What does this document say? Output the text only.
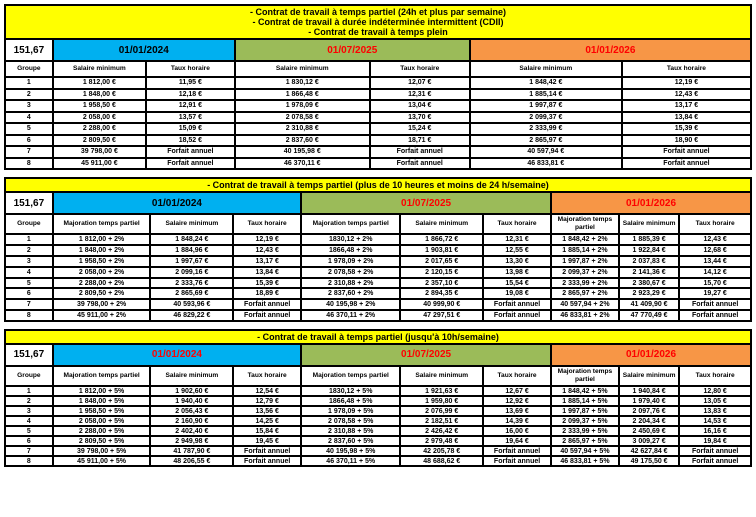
- Contrat de travail à temps partiel (24h et plus par semaine)
- Contrat de travail à durée indéterminée intermittent (CDII)
- Contrat de travail à temps plein						

151,67	01/01/2024		01/07/2025		01/01/2026	
Groupe	Salaire minimum	Taux horaire	Salaire minimum	Taux horaire	Salaire minimum	Taux horaire
1	1 812,00 €	11,95 €	1 830,12 €	12,07 €	1 848,42 €	12,19 €
2	1 848,00 €	12,18 €	1 866,48 €	12,31 €	1 885,14 €	12,43 €
3	1 958,50 €	12,91 €	1 978,09 €	13,04 €	1 997,87 €	13,17 €
4	2 058,00 €	13,57 €	2 078,58 €	13,70 €	2 099,37 €	13,84 €
5	2 288,00 €	15,09 €	2 310,88 €	15,24 €	2 333,99 €	15,39 €
6	2 809,50 €	18,52 €	2 837,60 €	18,71 €	2 865,97 €	18,90 €
7	39 798,00 €	Forfait annuel	40 195,98 €	Forfait annuel	40 597,94 €	Forfait annuel
8	45 911,00 €	Forfait annuel	46 370,11 €	Forfait annuel	46 833,81 €	Forfait annuel
- Contrat de travail à temps partiel (plus de 10 heures et moins de 24 h/semaine)									

151,67	01/01/2024			01/07/2025			01/01/2026		
Groupe	Majoration temps partiel	Salaire minimum	Taux horaire	Majoration temps partiel	Salaire minimum	Taux horaire	Majoration temps partiel	Salaire minimum	Taux horaire
1	1 812,00 + 2%	1 848,24 €	12,19 €	1830,12 + 2%	1 866,72 €	12,31 €	1 848,42 + 2%	1 885,39 €	12,43 €
2	1 848,00 + 2%	1 884,96 €	12,43 €	1866,48 + 2%	1 903,81 €	12,55 €	1 885,14 + 2%	1 922,84 €	12,68 €
3	1 958,50 + 2%	1 997,67 €	13,17 €	1 978,09 + 2%	2 017,65 €	13,30 €	1 997,87 + 2%	2 037,83 €	13,44 €
4	2 058,00 + 2%	2 099,16 €	13,84 €	2 078,58 + 2%	2 120,15 €	13,98 €	2 099,37 + 2%	2 141,36 €	14,12 €
5	2 288,00 + 2%	2 333,76 €	15,39 €	2 310,88 + 2%	2 357,10 €	15,54 €	2 333,99 + 2%	2 380,67 €	15,70 €
6	2 809,50 + 2%	2 865,69 €	18,89 €	2 837,60 + 2%	2 894,35 €	19,08 €	2 865,97 + 2%	2 923,29 €	19,27 €
7	39 798,00 + 2%	40 593,96 €	Forfait annuel	40 195,98 + 2%	40 999,90 €	Forfait annuel	40 597,94 + 2%	41 409,90 €	Forfait annuel
8	45 911,00 + 2%	46 829,22 €	Forfait annuel	46 370,11 + 2%	47 297,51 €	Forfait annuel	46 833,81 + 2%	47 770,49 €	Forfait annuel
- Contrat de travail à temps partiel (jusqu'à 10h/semaine)									

151,67	01/01/2024			01/07/2025			01/01/2026		
Groupe	Majoration temps partiel	Salaire minimum	Taux horaire	Majoration temps partiel	Salaire minimum	Taux horaire	Majoration temps partiel	Salaire minimum	Taux horaire
1	1 812,00 + 5%	1 902,60 €	12,54 €	1830,12 + 5%	1 921,63 €	12,67 €	1 848,42 + 5%	1 940,84 €	12,80 €
2	1 848,00 + 5%	1 940,40 €	12,79 €	1866,48 + 5%	1 959,80 €	12,92 €	1 885,14 + 5%	1 979,40 €	13,05 €
3	1 958,50 + 5%	2 056,43 €	13,56 €	1 978,09 + 5%	2 076,99 €	13,69 €	1 997,87 + 5%	2 097,76 €	13,83 €
4	2 058,00 + 5%	2 160,90 €	14,25 €	2 078,58 + 5%	2 182,51 €	14,39 €	2 099,37 + 5%	2 204,34 €	14,53 €
5	2 288,00 + 5%	2 402,40 €	15,84 €	2 310,88 + 5%	2 426,42 €	16,00 €	2 333,99 + 5%	2 450,69 €	16,16 €
6	2 809,50 + 5%	2 949,98 €	19,45 €	2 837,60 + 5%	2 979,48 €	19,64 €	2 865,97 + 5%	3 009,27 €	19,84 €
7	39 798,00 + 5%	41 787,90 €	Forfait annuel	40 195,98 + 5%	42 205,78 €	Forfait annuel	40 597,94 + 5%	42 627,84 €	Forfait annuel
8	45 911,00 + 5%	48 206,55 €	Forfait annuel	46 370,11 + 5%	48 688,62 €	Forfait annuel	46 833,81 + 5%	49 175,50 €	Forfait annuel
